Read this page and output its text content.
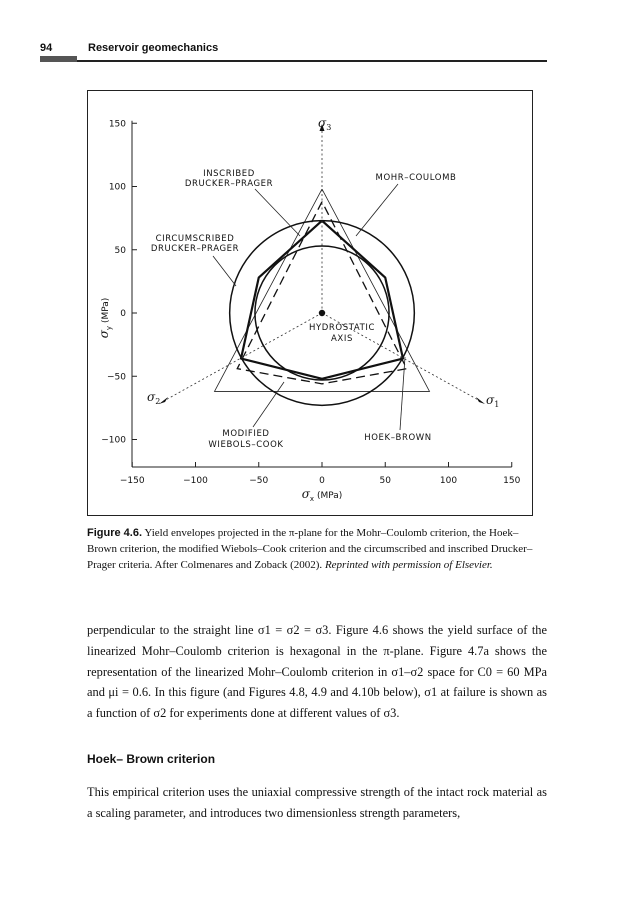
94	Reservoir geomechanics
−150	−100	−50	0	50	100	150
150
100
50
0
−50
−100
$\sigma_x$ (MPa)
$\sigma_y$ (MPa)
$\sigma_3$
$\sigma_2$	$\sigma_1$
INSCRIBED
DRUCKER–PRAGER
CIRCUMSCRIBED
DRUCKER–PRAGER
MOHR–COULOMB
HYDROSTATIC
AXIS
MODIFIED
WIEBOLS–COOK
HOEK–BROWN
Figure 4.6. Yield envelopes projected in the π-plane for the Mohr–Coulomb criterion, the Hoek–Brown criterion, the modified Wiebols–Cook criterion and the circumscribed and inscribed Drucker–Prager criteria. After Colmenares and Zoback (2002). Reprinted with permission of Elsevier.
perpendicular to the straight line σ1 = σ2 = σ3. Figure 4.6 shows the yield surface of the linearized Mohr–Coulomb criterion is hexagonal in the π-plane. Figure 4.7a shows the representation of the linearized Mohr–Coulomb criterion in σ1–σ2 space for C0 = 60 MPa and μi = 0.6. In this figure (and Figures 4.8, 4.9 and 4.10b below), σ1 at failure is shown as a function of σ2 for experiments done at different values of σ3.
Hoek– Brown criterion
This empirical criterion uses the uniaxial compressive strength of the intact rock material as a scaling parameter, and introduces two dimensionless strength parameters,
